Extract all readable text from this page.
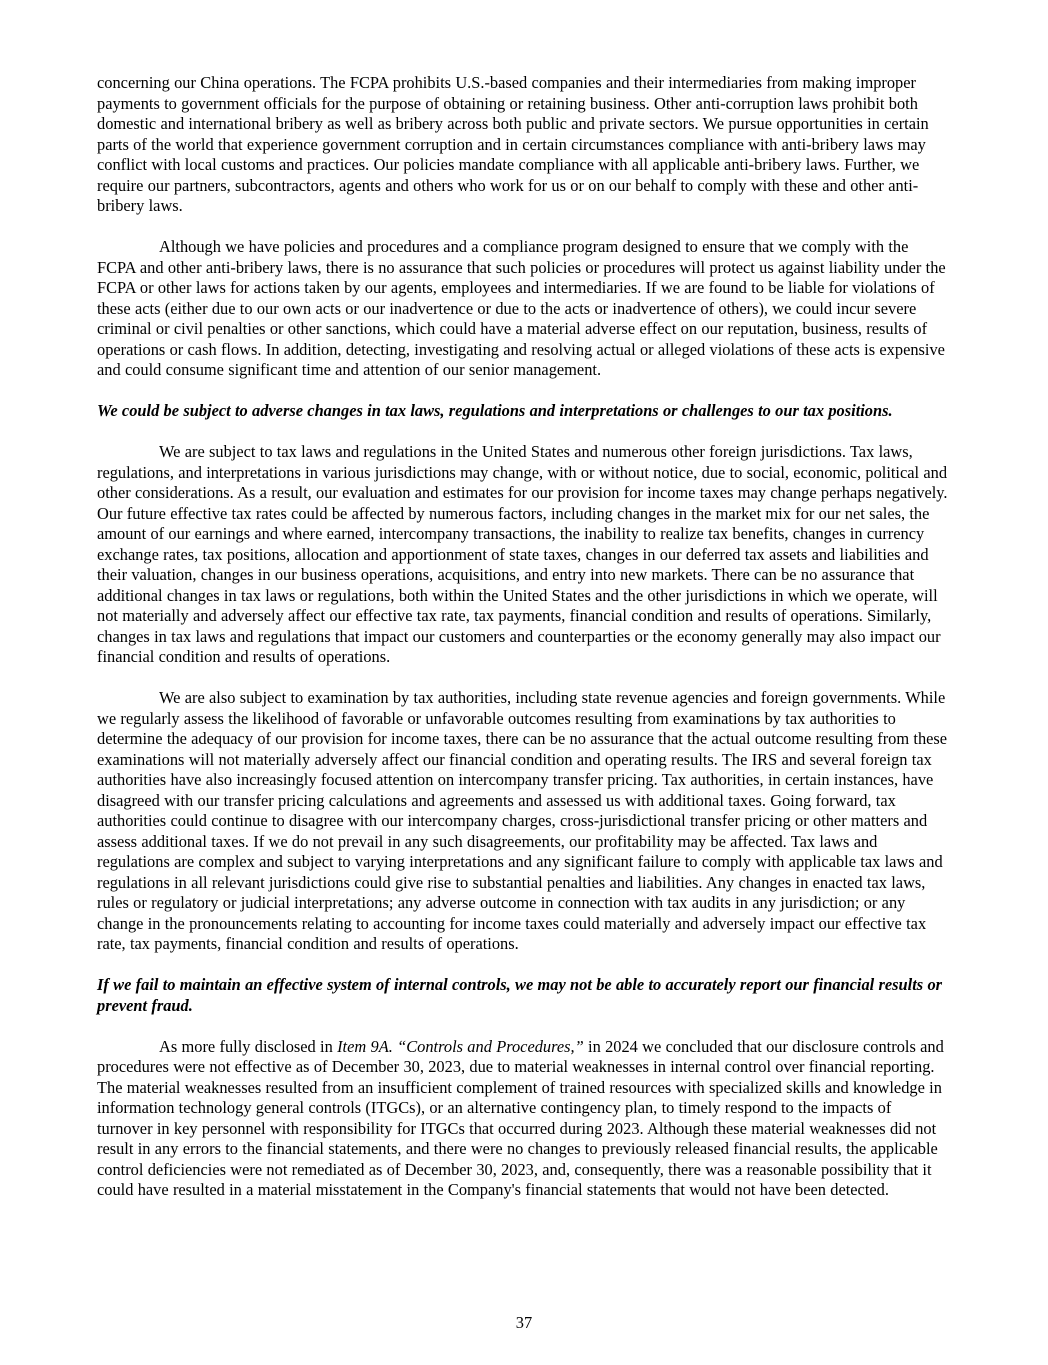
concerning our China operations. The FCPA prohibits U.S.-based companies and their intermediaries from making improper payments to government officials for the purpose of obtaining or retaining business. Other anti-corruption laws prohibit both domestic and international bribery as well as bribery across both public and private sectors. We pursue opportunities in certain parts of the world that experience government corruption and in certain circumstances compliance with anti-bribery laws may conflict with local customs and practices. Our policies mandate compliance with all applicable anti-bribery laws. Further, we require our partners, subcontractors, agents and others who work for us or on our behalf to comply with these and other anti-bribery laws.

Although we have policies and procedures and a compliance program designed to ensure that we comply with the FCPA and other anti-bribery laws, there is no assurance that such policies or procedures will protect us against liability under the FCPA or other laws for actions taken by our agents, employees and intermediaries. If we are found to be liable for violations of these acts (either due to our own acts or our inadvertence or due to the acts or inadvertence of others), we could incur severe criminal or civil penalties or other sanctions, which could have a material adverse effect on our reputation, business, results of operations or cash flows. In addition, detecting, investigating and resolving actual or alleged violations of these acts is expensive and could consume significant time and attention of our senior management.

We could be subject to adverse changes in tax laws, regulations and interpretations or challenges to our tax positions.

We are subject to tax laws and regulations in the United States and numerous other foreign jurisdictions. Tax laws, regulations, and interpretations in various jurisdictions may change, with or without notice, due to social, economic, political and other considerations. As a result, our evaluation and estimates for our provision for income taxes may change perhaps negatively. Our future effective tax rates could be affected by numerous factors, including changes in the market mix for our net sales, the amount of our earnings and where earned, intercompany transactions, the inability to realize tax benefits, changes in currency exchange rates, tax positions, allocation and apportionment of state taxes, changes in our deferred tax assets and liabilities and their valuation, changes in our business operations, acquisitions, and entry into new markets. There can be no assurance that additional changes in tax laws or regulations, both within the United States and the other jurisdictions in which we operate, will not materially and adversely affect our effective tax rate, tax payments, financial condition and results of operations. Similarly, changes in tax laws and regulations that impact our customers and counterparties or the economy generally may also impact our financial condition and results of operations.

We are also subject to examination by tax authorities, including state revenue agencies and foreign governments. While we regularly assess the likelihood of favorable or unfavorable outcomes resulting from examinations by tax authorities to determine the adequacy of our provision for income taxes, there can be no assurance that the actual outcome resulting from these examinations will not materially adversely affect our financial condition and operating results. The IRS and several foreign tax authorities have also increasingly focused attention on intercompany transfer pricing. Tax authorities, in certain instances, have disagreed with our transfer pricing calculations and agreements and assessed us with additional taxes. Going forward, tax authorities could continue to disagree with our intercompany charges, cross-jurisdictional transfer pricing or other matters and assess additional taxes. If we do not prevail in any such disagreements, our profitability may be affected. Tax laws and regulations are complex and subject to varying interpretations and any significant failure to comply with applicable tax laws and regulations in all relevant jurisdictions could give rise to substantial penalties and liabilities. Any changes in enacted tax laws, rules or regulatory or judicial interpretations; any adverse outcome in connection with tax audits in any jurisdiction; or any change in the pronouncements relating to accounting for income taxes could materially and adversely impact our effective tax rate, tax payments, financial condition and results of operations.

If we fail to maintain an effective system of internal controls, we may not be able to accurately report our financial results or prevent fraud.

As more fully disclosed in Item 9A. “Controls and Procedures,” in 2024 we concluded that our disclosure controls and procedures were not effective as of December 30, 2023, due to material weaknesses in internal control over financial reporting. The material weaknesses resulted from an insufficient complement of trained resources with specialized skills and knowledge in information technology general controls (ITGCs), or an alternative contingency plan, to timely respond to the impacts of turnover in key personnel with responsibility for ITGCs that occurred during 2023. Although these material weaknesses did not result in any errors to the financial statements, and there were no changes to previously released financial results, the applicable control deficiencies were not remediated as of December 30, 2023, and, consequently, there was a reasonable possibility that it could have resulted in a material misstatement in the Company's financial statements that would not have been detected.

37
